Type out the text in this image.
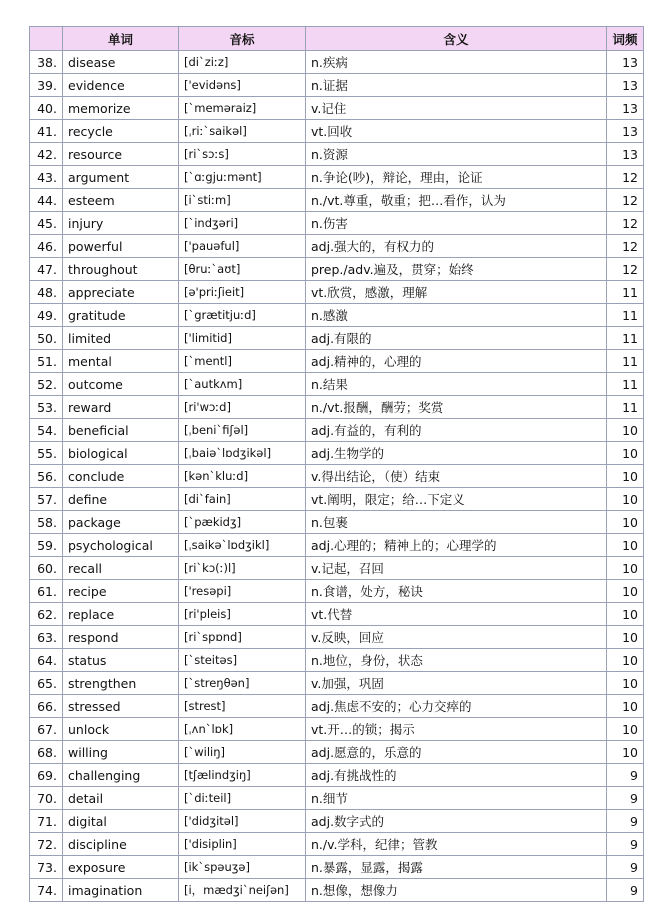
	单词	音标	含义	词频
38.	disease	[diˋziːz]	n.疾病	13
39.	evidence	['evidəns]	n.证据	13
40.	memorize	[ˋmeməraiz]	v.记住	13
41.	recycle	[ˌriːˋsaikəl]	vt.回收	13
42.	resource	[riˋsɔːs]	n.资源	13
43.	argument	[ˋɑːgjuːmənt]	n.争论(吵)，辩论，理由，论证	12
44.	esteem	[iˋstiːm]	n./vt.尊重，敬重；把…看作，认为	12
45.	injury	[ˋindʒəri]	n.伤害	12
46.	powerful	['pauəful]	adj.强大的，有权力的	12
47.	throughout	[θruːˋaʊt]	prep./adv.遍及，贯穿；始终	12
48.	appreciate	[ə'priːʃieit]	vt.欣赏，感激，理解	11
49.	gratitude	[ˋgrætitjuːd]	n.感激	11
50.	limited	['limitid]	adj.有限的	11
51.	mental	[ˋmentl]	adj.精神的，心理的	11
52.	outcome	[ˋautkʌm]	n.结果	11
53.	reward	[ri'wɔːd]	n./vt.报酬，酬劳；奖赏	11
54.	beneficial	[ˌbeniˋfiʃəl]	adj.有益的，有利的	10
55.	biological	[ˌbaiəˋlɒdʒikəl]	adj.生物学的	10
56.	conclude	[kənˋkluːd]	v.得出结论，（使）结束	10
57.	define	[diˋfain]	vt.阐明，限定；给…下定义	10
58.	package	[ˋpækidʒ]	n.包裹	10
59.	psychological	[ˌsaikəˋlɒdʒikl]	adj.心理的；精神上的；心理学的	10
60.	recall	[riˋkɔ(ː)l]	v.记起，召回	10
61.	recipe	['resəpi]	n.食谱，处方，秘诀	10
62.	replace	[ri'pleis]	vt.代替	10
63.	respond	[riˋspɒnd]	v.反映，回应	10
64.	status	[ˋsteitəs]	n.地位，身份，状态	10
65.	strengthen	[ˋstreŋθən]	v.加强，巩固	10
66.	stressed	[strest]	adj.焦虑不安的；心力交瘁的	10
67.	unlock	[ˌʌnˋlɒk]	vt.开…的锁；揭示	10
68.	willing	[ˋwiliŋ]	adj.愿意的，乐意的	10
69.	challenging	[tʃælindʒiŋ]	adj.有挑战性的	9
70.	detail	[ˋdiːteil]	n.细节	9
71.	digital	['didʒitəl]	adj.数字式的	9
72.	discipline	['disiplin]	n./v.学科，纪律；管教	9
73.	exposure	[ikˋspəuʒə]	n.暴露，显露，揭露	9
74.	imagination	[i，mædʒiˋneiʃən]	n.想像，想像力	9
